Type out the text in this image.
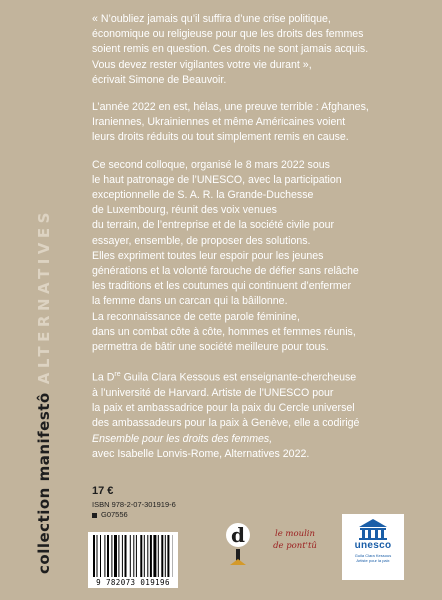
collection manifestôALTERNATIVES

« N’oubliez jamais qu’il suffira d’une crise politique,
économique ou religieuse pour que les droits des femmes
soient remis en question. Ces droits ne sont jamais acquis.
Vous devez rester vigilantes votre vie durant »,
écrivait Simone de Beauvoir.

L’année 2022 en est, hélas, une preuve terrible : Afghanes,
Iraniennes, Ukrainiennes et même Américaines voient
leurs droits réduits ou tout simplement remis en cause.

Ce second colloque, organisé le 8 mars 2022 sous
le haut patronage de l’UNESCO, avec la participation
exceptionnelle de S. A. R. la Grande-Duchesse
de Luxembourg, réunit des voix venues
du terrain, de l’entreprise et de la société civile pour
essayer, ensemble, de proposer des solutions.
Elles expriment toutes leur espoir pour les jeunes
générations et la volonté farouche de défier sans relâche
les traditions et les coutumes qui continuent d’enfermer
la femme dans un carcan qui la bâillonne.
La reconnaissance de cette parole féminine,
dans un combat côte à côte, hommes et femmes réunis,
permettra de bâtir une société meilleure pour tous.

La Dre Guila Clara Kessous est enseignante-chercheuse
à l’université de Harvard. Artiste de l’UNESCO pour
la paix et ambassadrice pour la paix du Cercle universel
des ambassadeurs pour la paix à Genève, elle a codirigé
Ensemble pour les droits des femmes,
avec Isabelle Lonvis-Rome, Alternatives 2022.

17 €
ISBN 978-2-07-301919-6
G07556
9 782073 019196
d	le moulin
de pont'tû	unesco
Guila Clara Kessous
Artiste pour la paix
